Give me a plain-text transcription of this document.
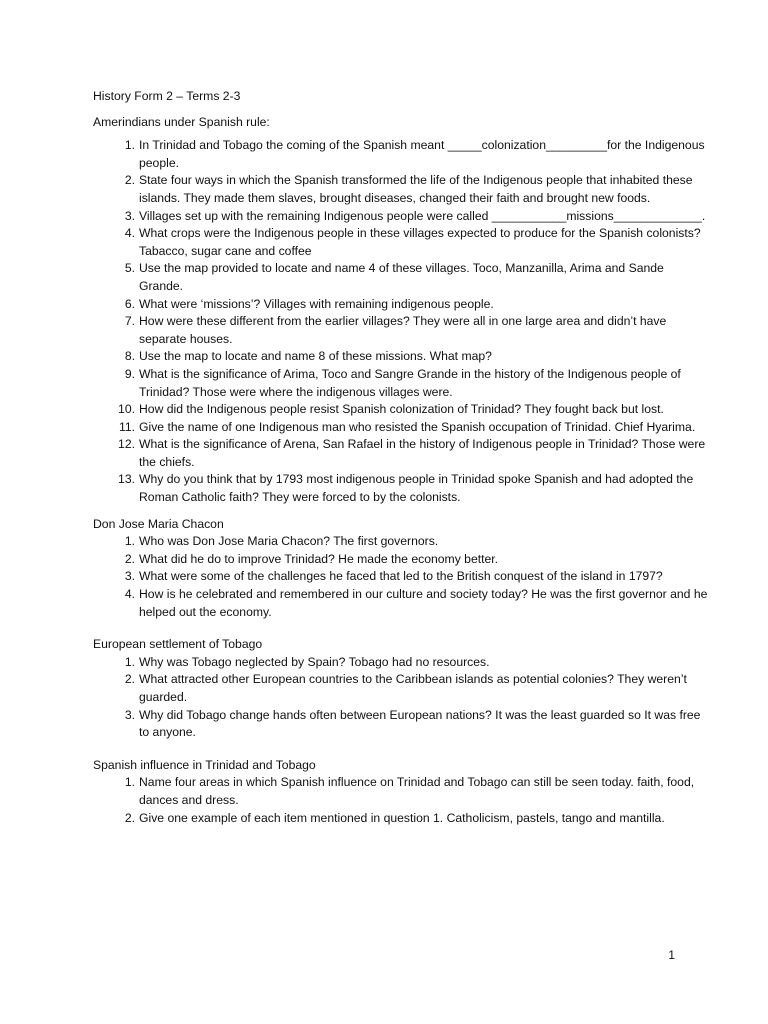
History Form 2 – Terms 2-3

Amerindians under Spanish rule:

1. In Trinidad and Tobago the coming of the Spanish meant _____colonization_________for the Indigenous people.
2. State four ways in which the Spanish transformed the life of the Indigenous people that inhabited these islands. They made them slaves, brought diseases, changed their faith and brought new foods.
3. Villages set up with the remaining Indigenous people were called ___________missions_____________.
4. What crops were the Indigenous people in these villages expected to produce for the Spanish colonists? Tabacco, sugar cane and coffee
5. Use the map provided to locate and name 4 of these villages. Toco, Manzanilla, Arima and Sande Grande.
6. What were ‘missions’? Villages with remaining indigenous people.
7. How were these different from the earlier villages? They were all in one large area and didn’t have separate houses.
8. Use the map to locate and name 8 of these missions. What map?
9. What is the significance of Arima, Toco and Sangre Grande in the history of the Indigenous people of Trinidad? Those were where the indigenous villages were.
10. How did the Indigenous people resist Spanish colonization of Trinidad? They fought back but lost.
11. Give the name of one Indigenous man who resisted the Spanish occupation of Trinidad. Chief Hyarima.
12. What is the significance of Arena, San Rafael in the history of Indigenous people in Trinidad? Those were the chiefs.
13. Why do you think that by 1793 most indigenous people in Trinidad spoke Spanish and had adopted the Roman Catholic faith? They were forced to by the colonists.

Don Jose Maria Chacon

1. Who was Don Jose Maria Chacon? The first governors.
2. What did he do to improve Trinidad? He made the economy better.
3. What were some of the challenges he faced that led to the British conquest of the island in 1797?
4. How is he celebrated and remembered in our culture and society today? He was the first governor and he helped out the economy.

European settlement of Tobago

1. Why was Tobago neglected by Spain? Tobago had no resources.
2. What attracted other European countries to the Caribbean islands as potential colonies? They weren’t guarded.
3. Why did Tobago change hands often between European nations? It was the least guarded so It was free to anyone.

Spanish influence in Trinidad and Tobago

1. Name four areas in which Spanish influence on Trinidad and Tobago can still be seen today. faith, food, dances and dress.
2. Give one example of each item mentioned in question 1. Catholicism, pastels, tango and mantilla.
1
